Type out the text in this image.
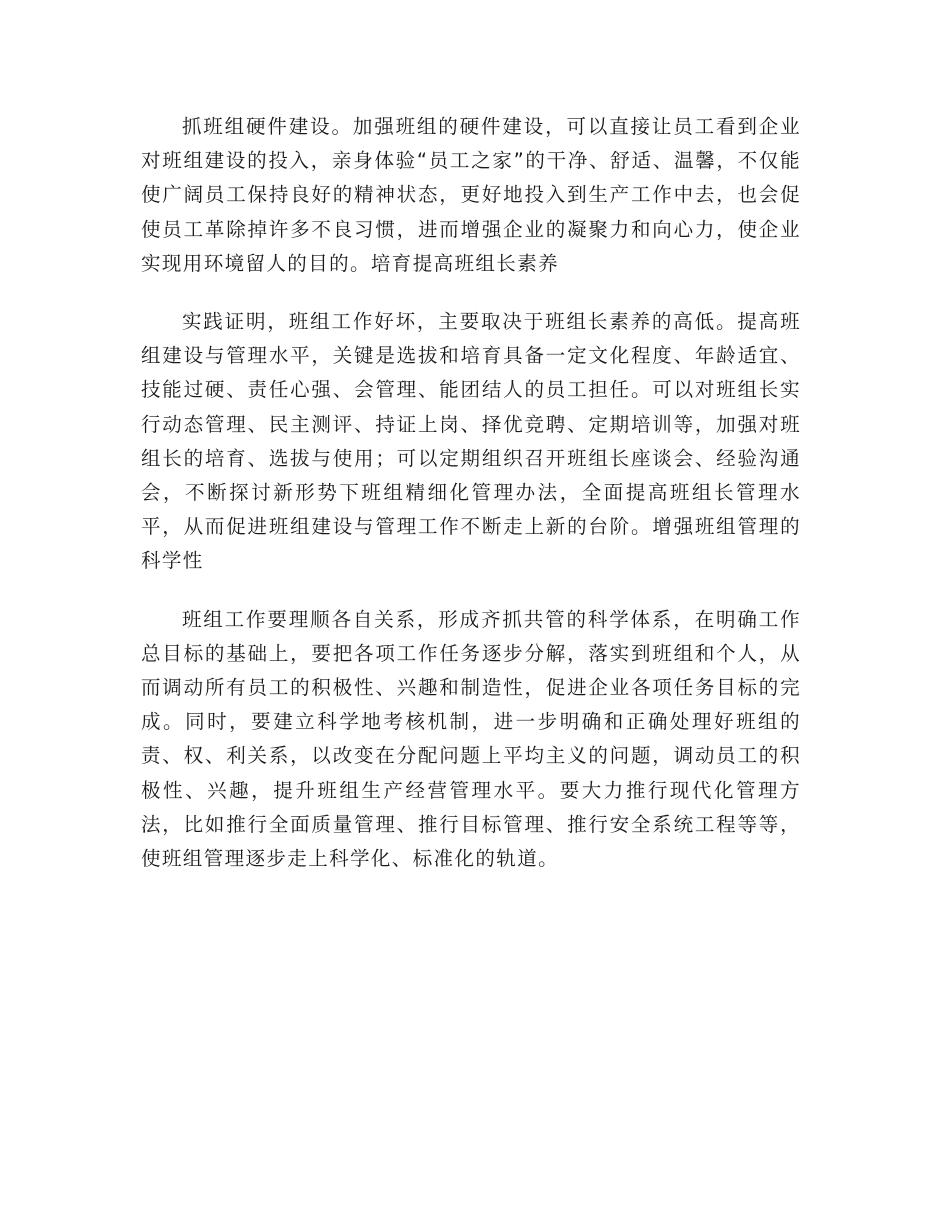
抓班组硬件建设。加强班组的硬件建设，可以直接让员工看到企业对班组建设的投入，亲身体验“员工之家”的干净、舒适、温馨，不仅能使广阔员工保持良好的精神状态，更好地投入到生产工作中去，也会促使员工革除掉许多不良习惯，进而增强企业的凝聚力和向心力，使企业实现用环境留人的目的。培育提高班组长素养

实践证明，班组工作好坏，主要取决于班组长素养的高低。提高班组建设与管理水平，关键是选拔和培育具备一定文化程度、年龄适宜、技能过硬、责任心强、会管理、能团结人的员工担任。可以对班组长实行动态管理、民主测评、持证上岗、择优竞聘、定期培训等，加强对班组长的培育、选拔与使用；可以定期组织召开班组长座谈会、经验沟通会，不断探讨新形势下班组精细化管理办法，全面提高班组长管理水平，从而促进班组建设与管理工作不断走上新的台阶。增强班组管理的科学性

班组工作要理顺各自关系，形成齐抓共管的科学体系，在明确工作总目标的基础上，要把各项工作任务逐步分解，落实到班组和个人，从而调动所有员工的积极性、兴趣和制造性，促进企业各项任务目标的完成。同时，要建立科学地考核机制，进一步明确和正确处理好班组的责、权、利关系，以改变在分配问题上平均主义的问题，调动员工的积极性、兴趣，提升班组生产经营管理水平。要大力推行现代化管理方法，比如推行全面质量管理、推行目标管理、推行安全系统工程等等，使班组管理逐步走上科学化、标准化的轨道。
